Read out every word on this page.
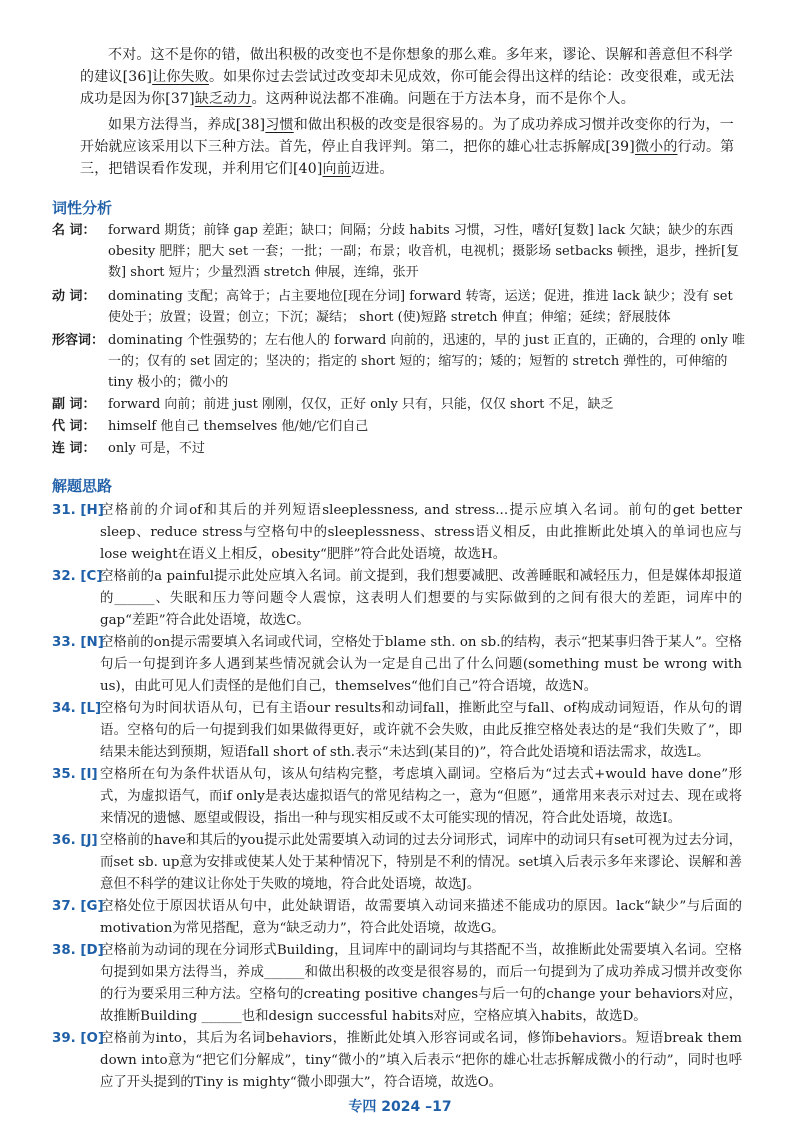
不对。这不是你的错，做出积极的改变也不是你想象的那么难。多年来，谬论、误解和善意但不科学的建议[36]让你失败。如果你过去尝试过改变却未见成效，你可能会得出这样的结论：改变很难，或无法成功是因为你[37]缺乏动力。这两种说法都不准确。问题在于方法本身，而不是你个人。
如果方法得当，养成[38]习惯和做出积极的改变是很容易的。为了成功养成习惯并改变你的行为，一开始就应该采用以下三种方法。首先，停止自我评判。第二，把你的雄心壮志拆解成[39]微小的行动。第三，把错误看作发现，并利用它们[40]向前迈进。
词性分析
名 词： forward 期货；前锋 gap 差距；缺口；间隔；分歧 habits 习惯，习性，嗜好[复数] lack 欠缺；缺少的东西 obesity 肥胖；肥大 set 一套；一批；一副；布景；收音机，电视机；摄影场 setbacks 顿挫，退步，挫折[复数] short 短片；少量烈酒 stretch 伸展，连绵，张开
动 词： dominating 支配；高耸于；占主要地位[现在分词] forward 转寄，运送；促进，推进 lack 缺少；没有 set 使处于；放置；设置；创立；下沉；凝结； short (使)短路 stretch 伸直；伸缩；延续；舒展肢体
形容词： dominating 个性强势的；左右他人的 forward 向前的，迅速的，早的 just 正直的，正确的，合理的 only 唯一的；仅有的 set 固定的；坚决的；指定的 short 短的；缩写的；矮的；短暂的 stretch 弹性的，可伸缩的 tiny 极小的；微小的
副 词： forward 向前；前进 just 刚刚，仅仅，正好 only 只有，只能，仅仅 short 不足，缺乏
代 词： himself 他自己 themselves 他/她/它们自己
连 词： only 可是，不过
解题思路
31. [H]
空格前的介词of和其后的并列短语sleeplessness, and stress...提示应填入名词。前句的get better sleep、reduce stress与空格句中的sleeplessness、stress语义相反，由此推断此处填入的单词也应与lose weight在语义上相反，obesity“肥胖”符合此处语境，故选H。
32. [C]
空格前的a painful提示此处应填入名词。前文提到，我们想要减肥、改善睡眠和减轻压力，但是媒体却报道的______、失眠和压力等问题令人震惊，这表明人们想要的与实际做到的之间有很大的差距，词库中的gap“差距”符合此处语境，故选C。
33. [N]
空格前的on提示需要填入名词或代词，空格处于blame sth. on sb.的结构，表示“把某事归咎于某人”。空格句后一句提到许多人遇到某些情况就会认为一定是自己出了什么问题(something must be wrong with us)，由此可见人们责怪的是他们自己，themselves“他们自己”符合语境，故选N。
34. [L]
空格句为时间状语从句，已有主语our results和动词fall，推断此空与fall、of构成动词短语，作从句的谓语。空格句的后一句提到我们如果做得更好，或许就不会失败，由此反推空格处表达的是“我们失败了”，即结果未能达到预期，短语fall short of sth.表示“未达到(某目的)”，符合此处语境和语法需求，故选L。
35. [I] 空格所在句为条件状语从句，该从句结构完整，考虑填入副词。空格后为“过去式+would have done”形式，为虚拟语气，而if only是表达虚拟语气的常见结构之一，意为“但愿”，通常用来表示对过去、现在或将来情况的遗憾、愿望或假设，指出一种与现实相反或不太可能实现的情况，符合此处语境，故选I。
36. [J] 空格前的have和其后的you提示此处需要填入动词的过去分词形式，词库中的动词只有set可视为过去分词，而set sb. up意为安排或使某人处于某种情况下，特别是不利的情况。set填入后表示多年来谬论、误解和善意但不科学的建议让你处于失败的境地，符合此处语境，故选J。
37. [G]
空格处位于原因状语从句中，此处缺谓语，故需要填入动词来描述不能成功的原因。lack“缺少”与后面的motivation为常见搭配，意为“缺乏动力”，符合此处语境，故选G。
38. [D]
空格前为动词的现在分词形式Building，且词库中的副词均与其搭配不当，故推断此处需要填入名词。空格句提到如果方法得当，养成______和做出积极的改变是很容易的，而后一句提到为了成功养成习惯并改变你的行为要采用三种方法。空格句的creating positive changes与后一句的change your behaviors对应，故推断Building ______也和design successful habits对应，空格应填入habits，故选D。
39. [O]
空格前为into，其后为名词behaviors，推断此处填入形容词或名词，修饰behaviors。短语break them down into意为“把它们分解成”，tiny“微小的”填入后表示“把你的雄心壮志拆解成微小的行动”，同时也呼应了开头提到的Tiny is mighty“微小即强大”，符合语境，故选O。
专四 2024 –17
